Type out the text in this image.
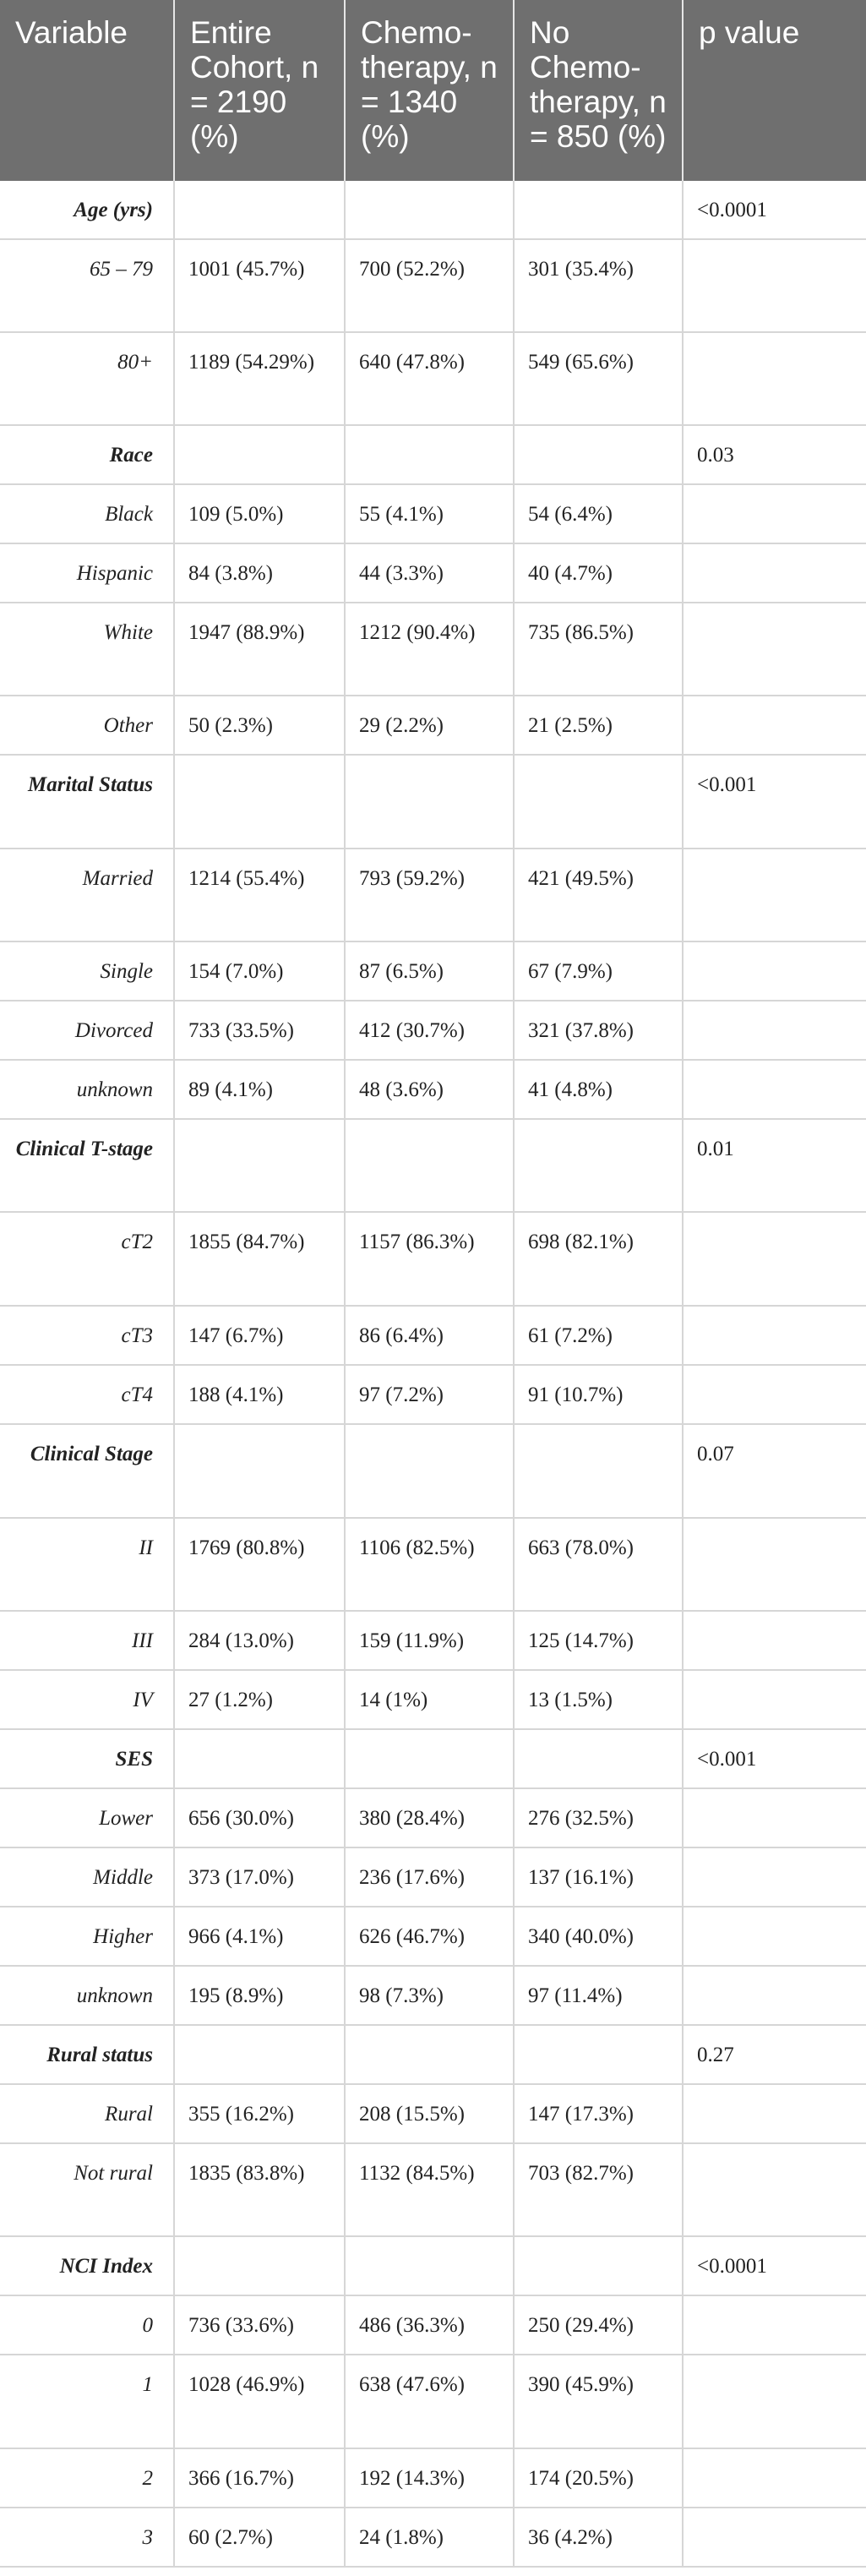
Variable	Entire Cohort, n = 2190 (%)	Chemo-therapy, n = 1340 (%)	No Chemo-therapy, n = 850 (%)	p value
Age (yrs)				<0.0001
65 – 79	1001 (45.7%)	700 (52.2%)	301 (35.4%)	
80+	1189 (54.29%)	640 (47.8%)	549 (65.6%)	
Race				0.03
Black	109 (5.0%)	55 (4.1%)	54 (6.4%)	
Hispanic	84 (3.8%)	44 (3.3%)	40 (4.7%)	
White	1947 (88.9%)	1212 (90.4%)	735 (86.5%)	
Other	50 (2.3%)	29 (2.2%)	21 (2.5%)	
Marital Status				<0.001
Married	1214 (55.4%)	793 (59.2%)	421 (49.5%)	
Single	154 (7.0%)	87 (6.5%)	67 (7.9%)	
Divorced	733 (33.5%)	412 (30.7%)	321 (37.8%)	
unknown	89 (4.1%)	48 (3.6%)	41 (4.8%)	
Clinical T-stage				0.01
cT2	1855 (84.7%)	1157 (86.3%)	698 (82.1%)	
cT3	147 (6.7%)	86 (6.4%)	61 (7.2%)	
cT4	188 (4.1%)	97 (7.2%)	91 (10.7%)	
Clinical Stage				0.07
II	1769 (80.8%)	1106 (82.5%)	663 (78.0%)	
III	284 (13.0%)	159 (11.9%)	125 (14.7%)	
IV	27 (1.2%)	14 (1%)	13 (1.5%)	
SES				<0.001
Lower	656 (30.0%)	380 (28.4%)	276 (32.5%)	
Middle	373 (17.0%)	236 (17.6%)	137 (16.1%)	
Higher	966 (4.1%)	626 (46.7%)	340 (40.0%)	
unknown	195 (8.9%)	98 (7.3%)	97 (11.4%)	
Rural status				0.27
Rural	355 (16.2%)	208 (15.5%)	147 (17.3%)	
Not rural	1835 (83.8%)	1132 (84.5%)	703 (82.7%)	
NCI Index				<0.0001
0	736 (33.6%)	486 (36.3%)	250 (29.4%)	
1	1028 (46.9%)	638 (47.6%)	390 (45.9%)	
2	366 (16.7%)	192 (14.3%)	174 (20.5%)	
3	60 (2.7%)	24 (1.8%)	36 (4.2%)	
